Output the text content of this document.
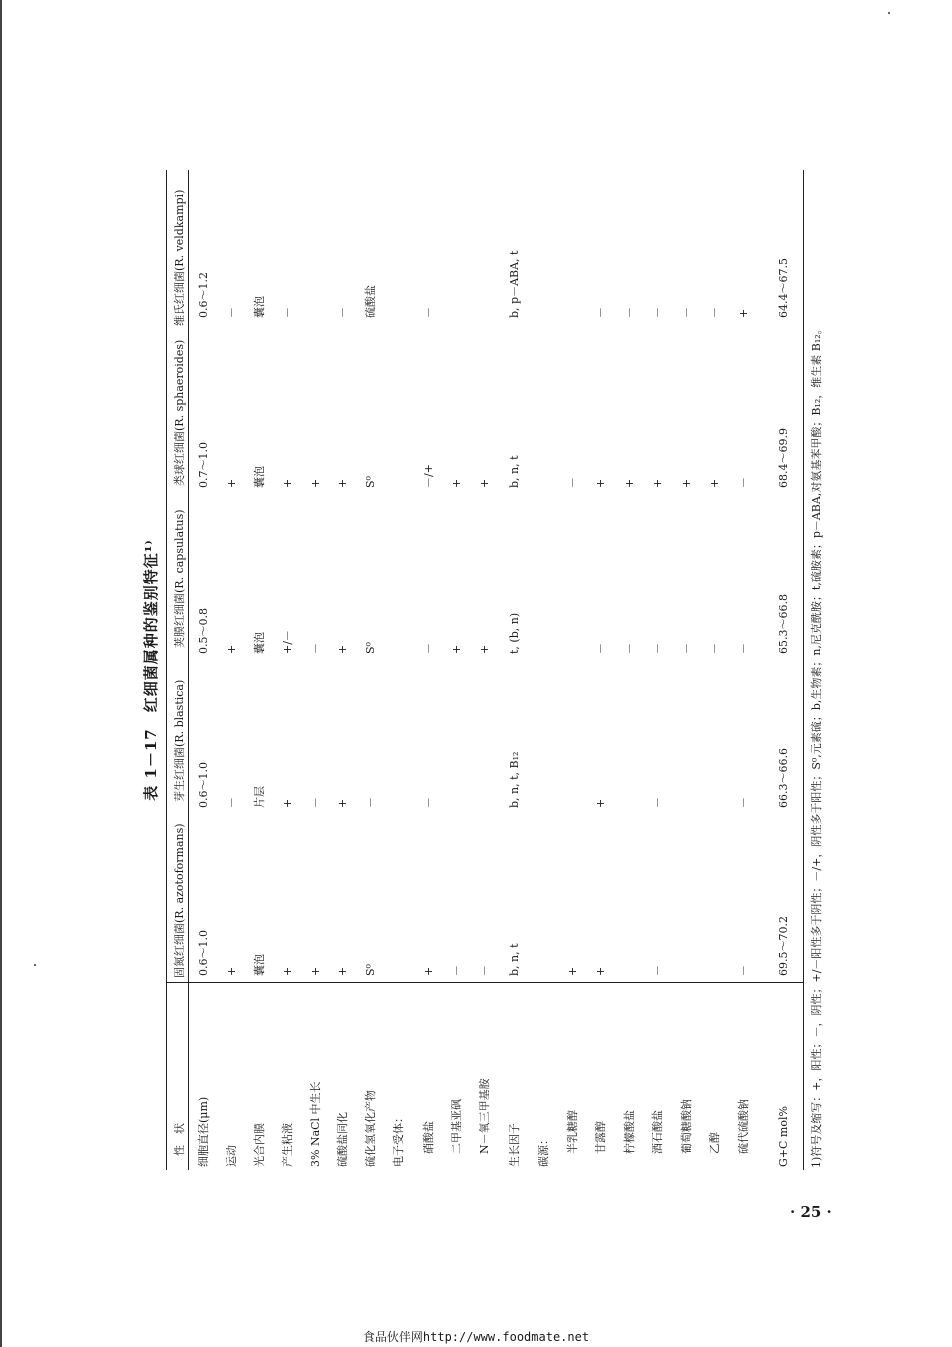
表 1－17　红细菌属种的鉴别特征¹⁾
性　状
固氮红细菌(R. azotoformans)
芽生红细菌(R. blastica)
荚膜红细菌(R. capsulatus)
类球红细菌(R. sphaeroides)
维氏红细菌(R. veldkampi)
细胞直径(μm)
0.6～1.0
0.6～1.0
0.5～0.8
0.7～1.0
0.6～1.2
运动
+
－
+
+
－
光合内膜
囊泡
片层
囊泡
囊泡
囊泡
产生粘液
+
+
+/－
+
－
3% NaCl 中生长
+
－
－
+
硫酸盐同化
+
+
+
+
－
硫化氢氧化产物
S⁰
－
S⁰
S⁰
硫酸盐
电子受体： 硝酸盐
+
－
－
－/+
－
二甲基亚砜
－
+
+
N－氧三甲基胺
－
+
+
生长因子
b, n, t
b, n, t, B₁₂
t, (b, n)
b, n, t
b, p－ABA, t
碳源： 半乳糖醇
+
－
甘露醇
+
+
－
+
－
柠檬酸盐
－
+
－
酒石酸盐
－
－
－
+
－
葡萄糖酸钠
－
+
－
乙醇
－
+
－
硫代硫酸钠
－
－
－
－
+
G+C mol%
69.5～70.2
66.3～66.6
65.3～66.8
68.4～69.9
64.4～67.5
1)符号及缩写：+，阳性；－，阴性；+/－阳性多于阴性；－/+，阴性多于阳性；S⁰,元素硫；b,生物素；n,尼克酰胺；t,硫胺素；p－ABA,对氨基苯甲酸；B₁₂，维生素 B₁₂。
· 25 ·
食品伙伴网http://www.foodmate.net
